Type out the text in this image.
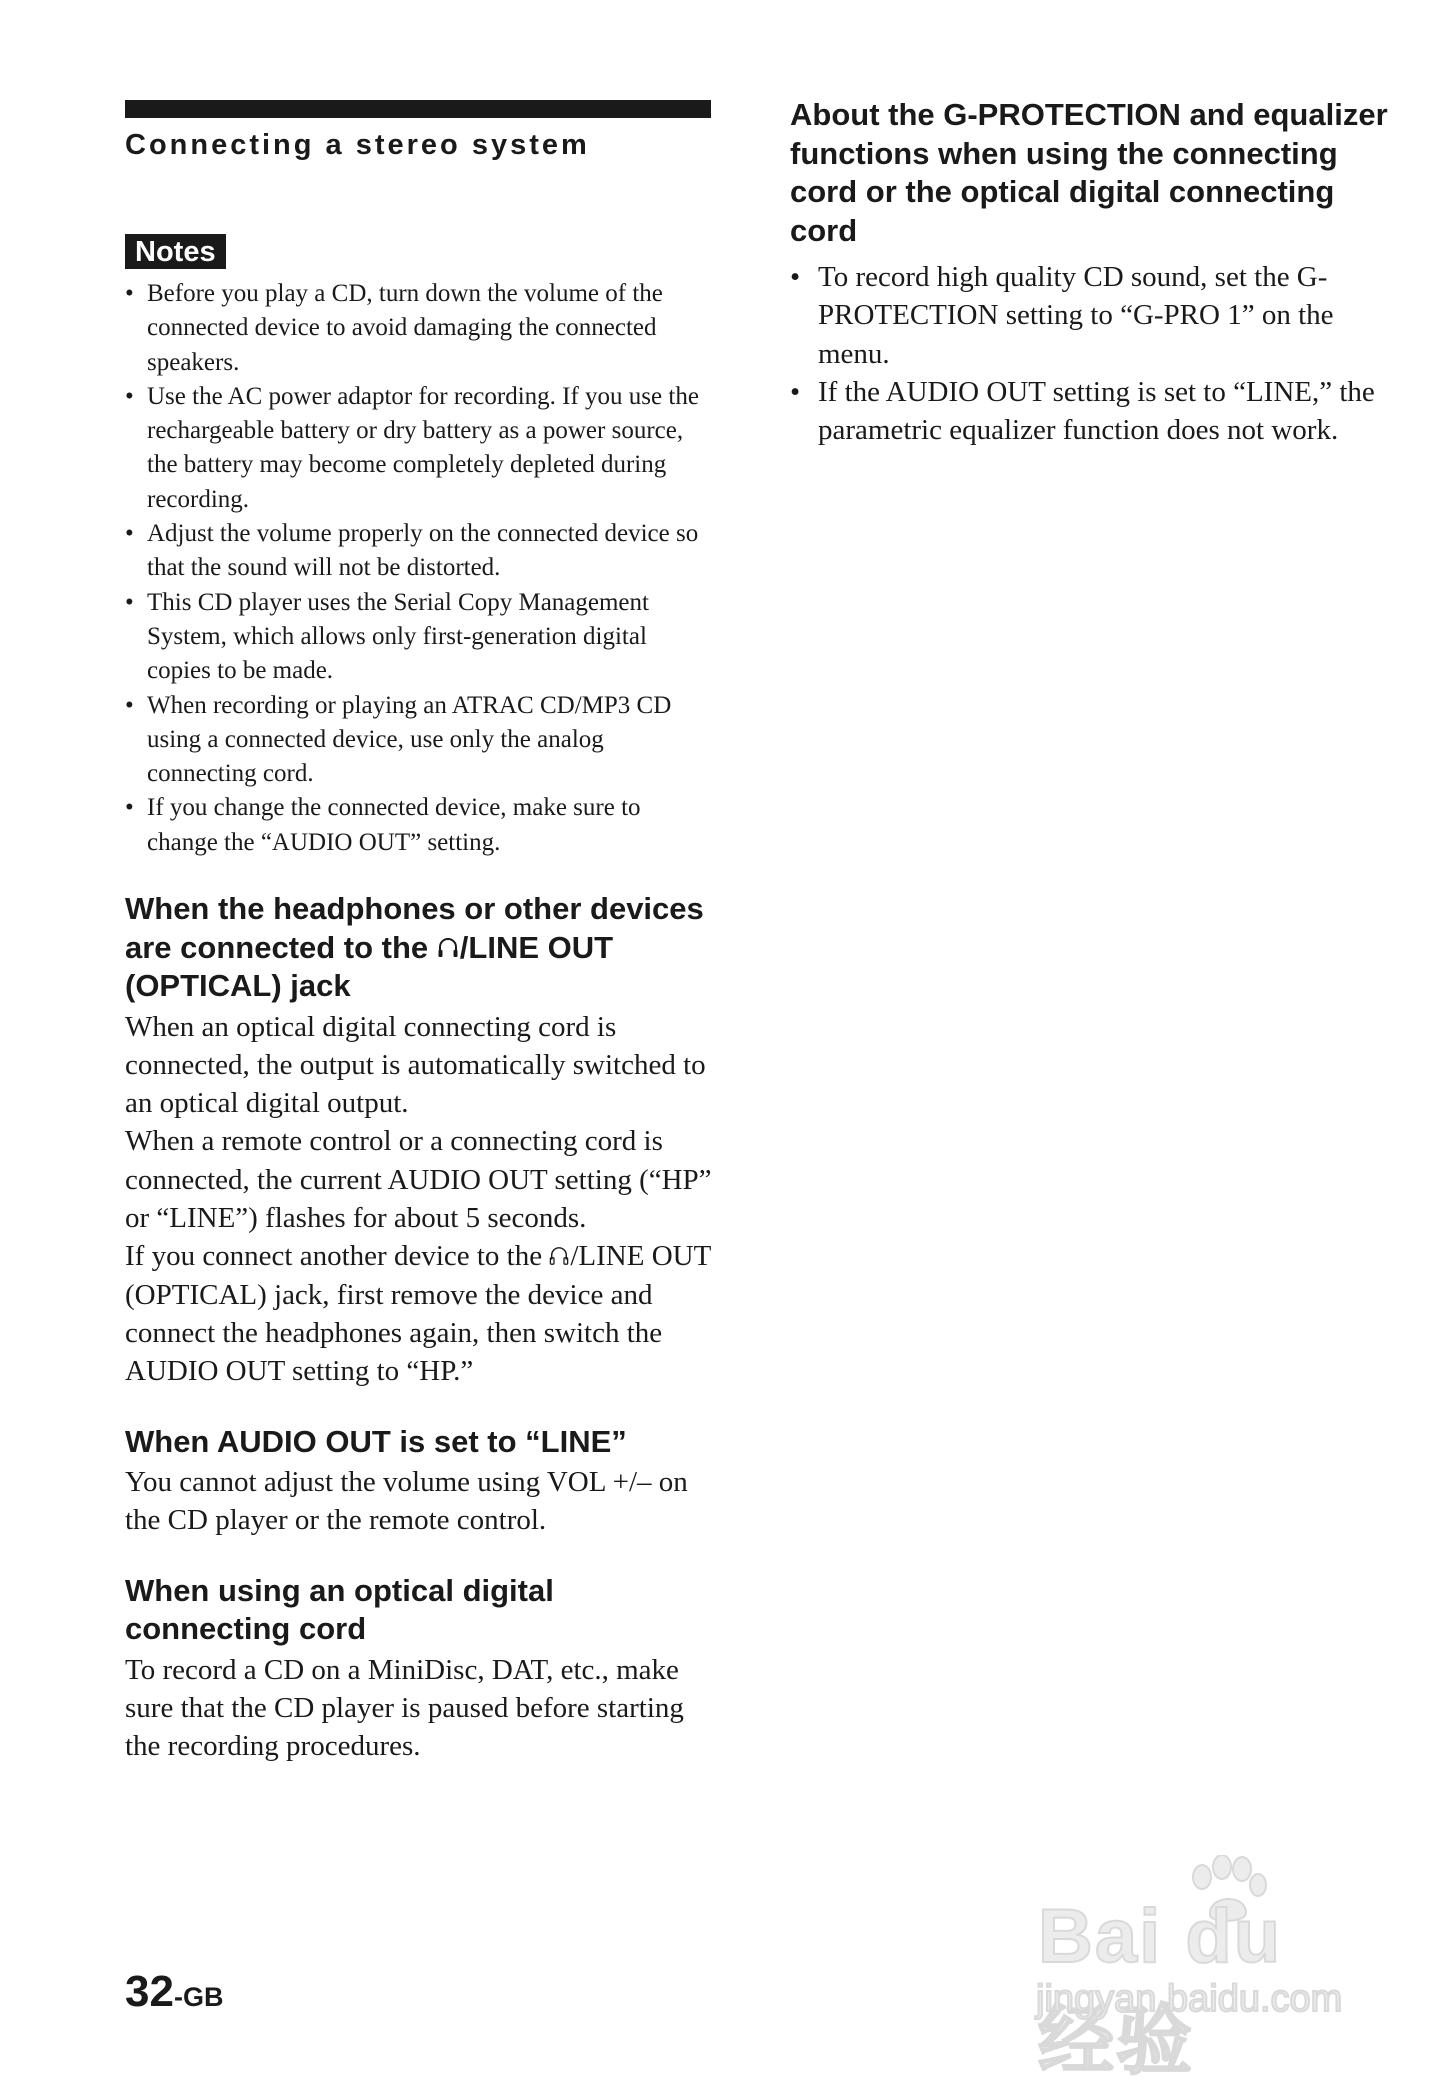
Connecting a stereo system
Notes
• Before you play a CD, turn down the volume of the connected device to avoid damaging the connected speakers.
• Use the AC power adaptor for recording. If you use the rechargeable battery or dry battery as a power source, the battery may become completely depleted during recording.
• Adjust the volume properly on the connected device so that the sound will not be distorted.
• This CD player uses the Serial Copy Management System, which allows only first-generation digital copies to be made.
• When recording or playing an ATRAC CD/MP3 CD using a connected device, use only the analog connecting cord.
• If you change the connected device, make sure to change the “AUDIO OUT” setting.
When the headphones or other devices are connected to the /LINE OUT (OPTICAL) jack

When an optical digital connecting cord is connected, the output is automatically switched to an optical digital output.

When a remote control or a connecting cord is connected, the current AUDIO OUT setting (“HP” or “LINE”) flashes for about 5 seconds.

If you connect another device to the /LINE OUT (OPTICAL) jack, first remove the device and connect the headphones again, then switch the AUDIO OUT setting to “HP.”

When AUDIO OUT is set to “LINE”

You cannot adjust the volume using VOL +/– on the CD player or the remote control.

When using an optical digital connecting cord

To record a CD on a MiniDisc, DAT, etc., make sure that the CD player is paused before starting the recording procedures.

About the G-PROTECTION and equalizer functions when using the connecting cord or the optical digital connecting cord
• To record high quality CD sound, set the G-PROTECTION setting to “G-PRO 1” on the menu.
• If the AUDIO OUT setting is set to “LINE,” the parametric equalizer function does not work.
32-GB
Bai du 经验
jingyan.baidu.com
